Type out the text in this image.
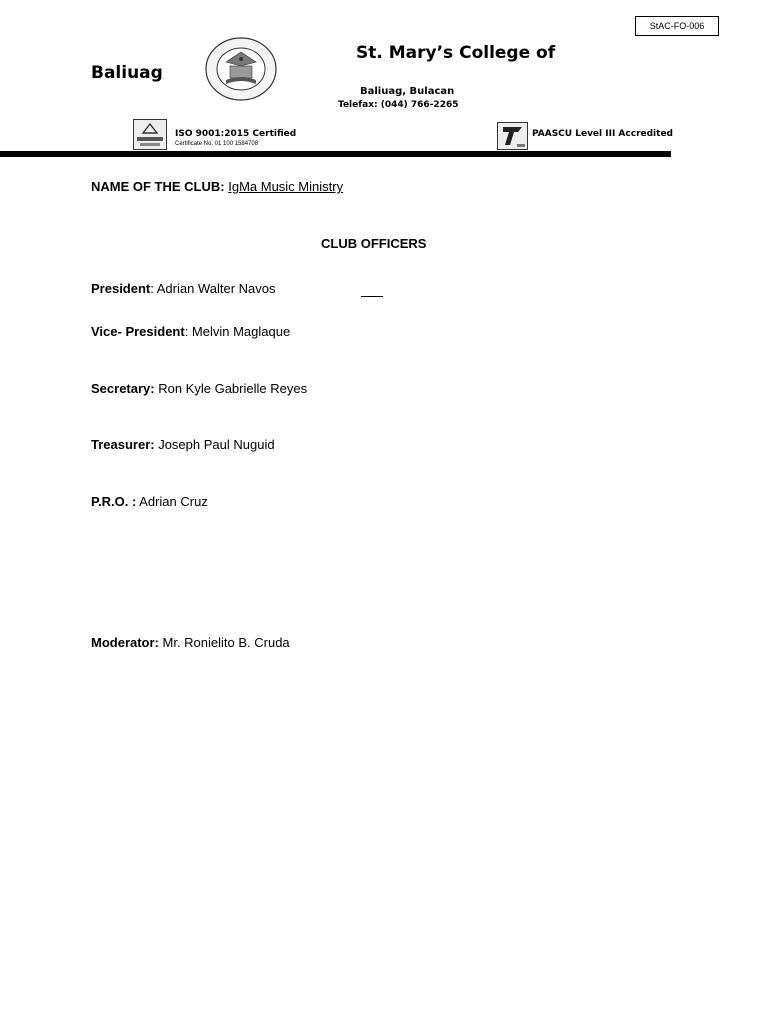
StAC-FO-006
Baliuag
St. Mary’s College of
Baliuag, Bulacan
Telefax: (044) 766-2265
ISO 9001:2015 Certified
Certificate No. 01 100 1584708
PAASCU Level III Accredited
NAME OF THE CLUB: IgMa Music Ministry
CLUB OFFICERS
President: Adrian Walter Navos
Vice- President: Melvin Maglaque
Secretary: Ron Kyle Gabrielle Reyes
Treasurer: Joseph Paul Nuguid
P.R.O. : Adrian Cruz
Moderator: Mr. Ronielito B. Cruda
